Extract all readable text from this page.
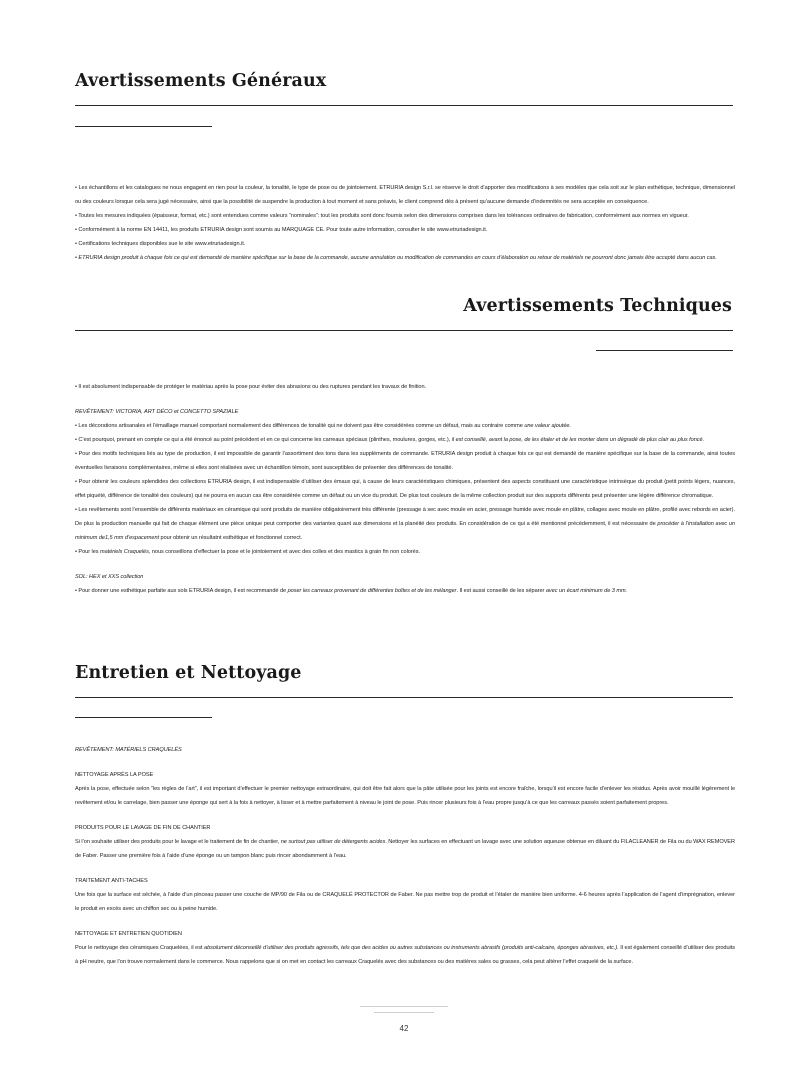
Avertissements Généraux

• Les échantillons et les catalogues ne nous engagent en rien pour la couleur, la tonalité, le type de pose ou de jointoiement. ETRURIA design S.r.l. se réserve le droit d’apporter des modifications à ses modèles que cela soit sur le plan esthétique, technique, dimensionnel ou des couleurs lorsque cela sera jugé nécessaire, ainsi que la possibilité de suspendre la production à tout moment et sans préavis, le client comprend dès à présent qu’aucune demande d’indemnités ne sera acceptée en conséquence.

• Toutes les mesures indiquées (épaisseur, format, etc.) sont entendues comme valeurs “nominales”: tout les produits sont donc fournis selon des dimensions comprises dans les tolérances ordinaires de fabrication, conformément aux normes en vigueur.

• Conformément à la norme EN 14411, les produits ETRURIA design sont soumis au MARQUAGE CE. Pour toute autre information, consulter le site www.etruriadesign.it.

• Certifications techniques disponibles sue le site www.etruriadesign.it.

• ETRURIA design produit à chaque fois ce qui est demandé de manière spécifique sur la base de la commande, aucune annulation ou modification de commandes en cours d’élaboration ou retour de matériels ne pourront donc jamais être accepté dans aucun cas.

Avertissements Techniques

• Il est absolument indispensable de protéger le matériau après la pose pour éviter des abrasions ou des ruptures pendant les travaux de finition.

REVÊTEMENT: VICTORIA, ART DÉCO et CONCETTO SPAZIALE

• Les décorations artisanales et l’émaillage manuel comportant normalement des différences de tonalité qui ne doivent pas être considérées comme un défaut, mais au contraire comme une valeur ajoutée.

• C’est pourquoi, prenant en compte ce qui a été énoncé au point précédent et en ce qui concerne les carreaux spéciaux (plinthes, moulures, gorges, etc.), il est conseillé, avant la pose, de les étaler et de les monter dans un dégradé de plus clair au plus foncé.

• Pour des motifs techniques liés au type de production, il est impossible de garantir l’assortiment des tons dans les suppléments de commande. ETRURIA design produit à chaque fois ce qui est demandé de manière spécifique sur la base de la commande, ainsi toutes éventuelles livraisons complémentaires, même si elles sont réalisées avec un échantillon témoin, sont susceptibles de présenter des différences de tonalité.

• Pour obtenir les couleurs splendides des collections ETRURIA design, il est indispensable d’utiliser des émaux qui, à cause de leurs caractéristiques chimiques, présentent des aspects constituant une caractéristique intrinsèque du produit (petit points légers, nuances, effet piquété, différence de tonalité des couleurs) qui ne pourra en aucun cas être considérée comme un défaut ou un vice du produit. De plus tout couleurs de la même collection produit sur des supports différents peut présenter une légère différence chromatique.

• Les revêtements sont l’ensemble de différents matériaux en céramique qui sont produits de manière obligatoirement très différente (pressage à sec avec moule en acier, pressage humide avec moule en plâtre, collages avec moule en plâtre, profilé avec rebords en acier). De plus la production manuelle qui fait de chaque élément une pièce unique peut comporter des variantes quant aux dimensions et la planéité des produits. En considération de ce qui a été mentionné précédemment, il est nécessaire de procéder à l’installation avec un minimum de1,5 mm d’espacement pour obtenir un résultatnt esthétique et fonctionnel correct.

• Pour les matériels Craquelés, nous conseillons d’effectuer la pose et le jointoiement et avec des colles et des mastics à grain fin non colorés.

SOL: HEX et XXS collection

• Pour donner une esthétique parfaite aux sols ETRURIA design, il est recommandé de poser les carreaux provenant de différentes boîtes et de les mélanger. Il est aussi conseillé de les séparer avec un écart minimum de 3 mm.

Entretien et Nettoyage

REVÊTEMENT: MATÉRIELS CRAQUELÉS

NETTOYAGE APRÈS LA POSE

Après la pose, effectuée selon “les règles de l’art”, il est important d’effectuer le premier nettoyage extraordinaire, qui doit être fait alors que la pâte utilisée pour les joints est encore fraîche, lorsqu’il est encore facile d’enlever les résidus. Après avoir mouillé légèrement le revêtement et/ou le carrelage, bien passer une éponge qui sert à la fois à nettoyer, à lisser et à mettre parfaitement à niveau le joint de pose. Puis rincer plusieurs fois à l’eau propre jusqu’à ce que les carreaux passés soient parfaitement propres.

PRODUITS POUR LE LAVAGE DE FIN DE CHANTIER

Si l’on souhaite utiliser des produits pour le lavage et le traitement de fin de chantier, ne surtout pas utiliser de détergents acides. Nettoyer les surfaces en effectuant un lavage avec une solution aqueuse obtenue en diluant du FILACLEANER de Fila ou du WAX REMOVER de Faber. Passer une première fois à l’aide d’une éponge ou un tampon blanc puis rincer abondamment à l’eau.

TRAITEMENT ANTI-TACHES

Une fois que la surface est séchée, à l’aide d’un pinceau passer une couche de MP/90 de Fila ou de CRAQUELÉ PROTECTOR de Faber. Ne pas mettre trop de produit et l’étaler de manière bien uniforme. 4-6 heures après l’application de l’agent d’imprégnation, enlever le produit en excès avec un chiffon sec ou à peine humide.

NETTOYAGE ET ENTRETIEN QUOTIDIEN

Pour le nettoyage des céramiques Craquelées, il est absolument déconseillé d’utiliser des produits agressifs, tels que des acides ou autres substances ou instruments abrasifs (produits anti-calcaire, éponges abrasives, etc.). Il est également conseillé d’utiliser des produits à pH neutre, que l’on trouve normalement dans le commerce. Nous rappelons que si on met en contact les carreaux Craquelés avec des substances ou des matières sales ou grasses, cela peut altérer l’effet craquelé de la surface.

42
